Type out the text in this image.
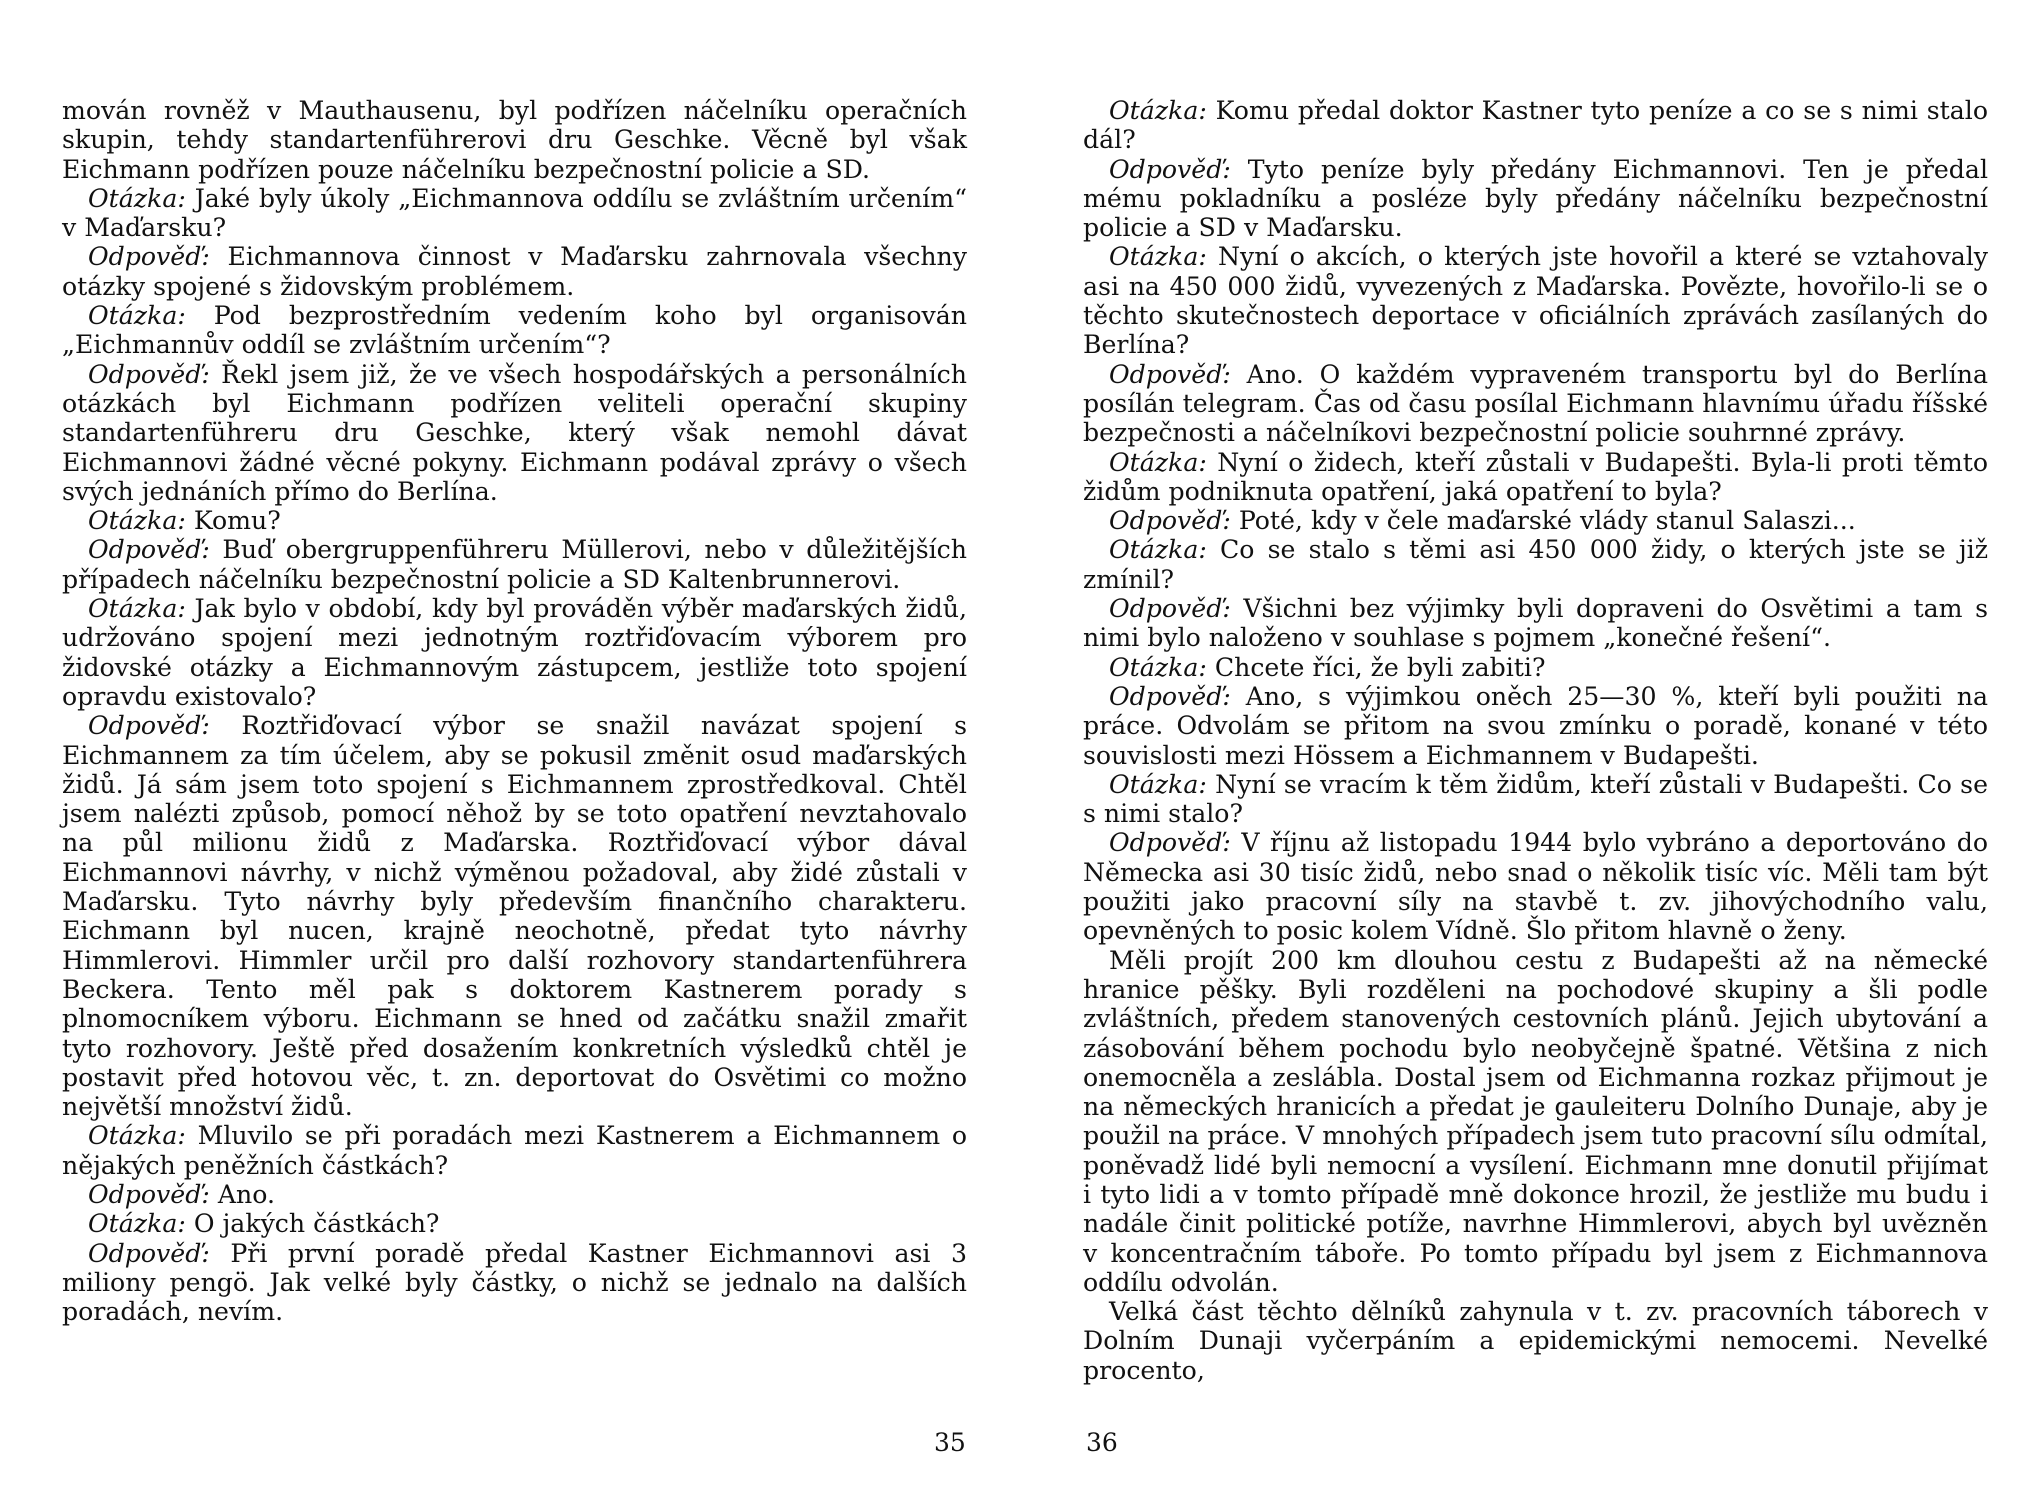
mován rovněž v Mauthausenu, byl podřízen náčelníku operačních skupin, tehdy standartenführerovi dru Geschke. Věcně byl však Eichmann podřízen pouze náčelníku bezpečnostní policie a SD.

Otázka: Jaké byly úkoly „Eichmannova oddílu se zvláštním určením“ v Maďarsku?

Odpověď: Eichmannova činnost v Maďarsku zahrnovala všechny otázky spojené s židovským problémem.

Otázka: Pod bezprostředním vedením koho byl organisován „Eichmannův oddíl se zvláštním určením“?

Odpověď: Řekl jsem již, že ve všech hospodářských a personálních otázkách byl Eichmann podřízen veliteli operační skupiny standartenführeru dru Geschke, který však nemohl dávat Eichmannovi žádné věcné pokyny. Eichmann podával zprávy o všech svých jednáních přímo do Berlína.

Otázka: Komu?

Odpověď: Buď obergruppenführeru Müllerovi, nebo v důležitějších případech náčelníku bezpečnostní policie a SD Kaltenbrunnerovi.

Otázka: Jak bylo v období, kdy byl prováděn výběr maďarských židů, udržováno spojení mezi jednotným roztřiďovacím výborem pro židovské otázky a Eichmannovým zástupcem, jestliže toto spojení opravdu existovalo?

Odpověď: Roztřiďovací výbor se snažil navázat spojení s Eichmannem za tím účelem, aby se pokusil změnit osud maďarských židů. Já sám jsem toto spojení s Eichmannem zprostředkoval. Chtěl jsem nalézti způsob, pomocí něhož by se toto opatření nevztahovalo na půl milionu židů z Maďarska. Roztřiďovací výbor dával Eichmannovi návrhy, v nichž výměnou požadoval, aby židé zůstali v Maďarsku. Tyto návrhy byly především finančního charakteru. Eichmann byl nucen, krajně neochotně, předat tyto návrhy Himmlerovi. Himmler určil pro další rozhovory standartenführera Beckera. Tento měl pak s doktorem Kastnerem porady s plnomocníkem výboru. Eichmann se hned od začátku snažil zmařit tyto rozhovory. Ještě před dosažením konkretních výsledků chtěl je postavit před hotovou věc, t. zn. deportovat do Osvětimi co možno největší množství židů.

Otázka: Mluvilo se při poradách mezi Kastnerem a Eichmannem o nějakých peněžních částkách?

Odpověď: Ano.

Otázka: O jakých částkách?

Odpověď: Při první poradě předal Kastner Eichmannovi asi 3 miliony pengö. Jak velké byly částky, o nichž se jednalo na dalších poradách, nevím.

35

Otázka: Komu předal doktor Kastner tyto peníze a co se s nimi stalo dál?

Odpověď: Tyto peníze byly předány Eichmannovi. Ten je předal mému pokladníku a posléze byly předány náčelníku bezpečnostní policie a SD v Maďarsku.

Otázka: Nyní o akcích, o kterých jste hovořil a které se vztahovaly asi na 450 000 židů, vyvezených z Maďarska. Povězte, hovořilo-li se o těchto skutečnostech deportace v oficiálních zprávách zasílaných do Berlína?

Odpověď: Ano. O každém vypraveném transportu byl do Berlína posílán telegram. Čas od času posílal Eichmann hlavnímu úřadu říšské bezpečnosti a náčelníkovi bezpečnostní policie souhrnné zprávy.

Otázka: Nyní o židech, kteří zůstali v Budapešti. Byla-li proti těmto židům podniknuta opatření, jaká opatření to byla?

Odpověď: Poté, kdy v čele maďarské vlády stanul Salaszi...

Otázka: Co se stalo s těmi asi 450 000 židy, o kterých jste se již zmínil?

Odpověď: Všichni bez výjimky byli dopraveni do Osvětimi a tam s nimi bylo naloženo v souhlase s pojmem „konečné řešení“.

Otázka: Chcete říci, že byli zabiti?

Odpověď: Ano, s výjimkou oněch 25—30 %, kteří byli použiti na práce. Odvolám se přitom na svou zmínku o poradě, konané v této souvislosti mezi Hössem a Eichmannem v Budapešti.

Otázka: Nyní se vracím k těm židům, kteří zůstali v Budapešti. Co se s nimi stalo?

Odpověď: V říjnu až listopadu 1944 bylo vybráno a deportováno do Německa asi 30 tisíc židů, nebo snad o několik tisíc víc. Měli tam být použiti jako pracovní síly na stavbě t. zv. jihovýchodního valu, opevněných to posic kolem Vídně. Šlo přitom hlavně o ženy.

Měli projít 200 km dlouhou cestu z Budapešti až na německé hranice pěšky. Byli rozděleni na pochodové skupiny a šli podle zvláštních, předem stanovených cestovních plánů. Jejich ubytování a zásobování během pochodu bylo neobyčejně špatné. Většina z nich onemocněla a zeslábla. Dostal jsem od Eichmanna rozkaz přijmout je na německých hranicích a předat je gauleiteru Dolního Dunaje, aby je použil na práce. V mnohých případech jsem tuto pracovní sílu odmítal, poněvadž lidé byli nemocní a vysílení. Eichmann mne donutil přijímat i tyto lidi a v tomto případě mně dokonce hrozil, že jestliže mu budu i nadále činit politické potíže, navrhne Himmlerovi, abych byl uvězněn v koncentračním táboře. Po tomto případu byl jsem z Eichmannova oddílu odvolán.

Velká část těchto dělníků zahynula v t. zv. pracovních táborech v Dolním Dunaji vyčerpáním a epidemickými nemocemi. Nevelké procento,

36
